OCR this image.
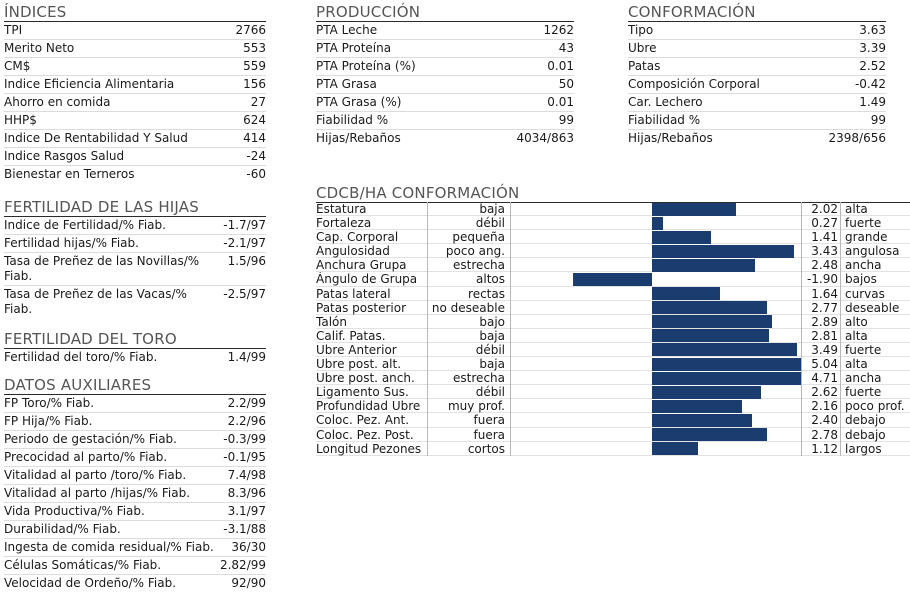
ÍNDICES
TPI	2766
Merito Neto	553
CM$	559
Indice Eficiencia Alimentaria	156
Ahorro en comida	27
HHP$	624
Indice De Rentabilidad Y Salud	414
Indice Rasgos Salud	-24
Bienestar en Terneros	-60
FERTILIDAD DE LAS HIJAS
Indice de Fertilidad/% Fiab.	-1.7/97
Fertilidad hijas/% Fiab.	-2.1/97
Tasa de Preñez de las Novillas/% Fiab.
1.5/96
Tasa de Preñez de las Vacas/% Fiab.
-2.5/97
FERTILIDAD DEL TORO
Fertilidad del toro/% Fiab.	1.4/99
DATOS AUXILIARES
FP Toro/% Fiab.	2.2/99
FP Hija/% Fiab.	2.2/96
Periodo de gestación/% Fiab.	-0.3/99
Precocidad al parto/% Fiab.	-0.1/95
Vitalidad al parto /toro/% Fiab.	7.4/98
Vitalidad al parto /hijas/% Fiab.	8.3/96
Vida Productiva/% Fiab.	3.1/97
Durabilidad/% Fiab.	-3.1/88
Ingesta de comida residual/% Fiab.	36/30
Células Somáticas/% Fiab.	2.82/99
Velocidad de Ordeño/% Fiab.	92/90
PRODUCCIÓN
PTA Leche	1262
PTA Proteína	43
PTA Proteína (%)	0.01
PTA Grasa	50
PTA Grasa (%)	0.01
Fiabilidad %	99
Hijas/Rebaños	4034/863
CONFORMACIÓN
Tipo	3.63
Ubre	3.39
Patas	2.52
Composición Corporal	-0.42
Car. Lechero	1.49
Fiabilidad %	99
Hijas/Rebaños	2398/656
CDCB/HA CONFORMACIÓN
Estatura	baja	2.02 alta
Fortaleza	débil	0.27 fuerte
Cap. Corporal	pequeña	1.41 grande
Angulosidad	poco ang.	3.43 angulosa
Anchura Grupa	estrecha	2.48 ancha
Ángulo de Grupa	altos	-1.90 bajos
Patas lateral	rectas	1.64 curvas
Patas posterior	no deseable	2.77 deseable
Talón	bajo	2.89 alto
Calif. Patas.	baja	2.81 alta
Ubre Anterior	débil	3.49 fuerte
Ubre post. alt.	baja	5.04 alta
Ubre post. anch.	estrecha	4.71 ancha
Ligamento Sus.	débil	2.62 fuerte
Profundidad Ubre	muy prof.	2.16 poco prof.
Coloc. Pez. Ant.	fuera	2.40 debajo
Coloc. Pez. Post.	fuera	2.78 debajo
Longitud Pezones	cortos	1.12 largos
